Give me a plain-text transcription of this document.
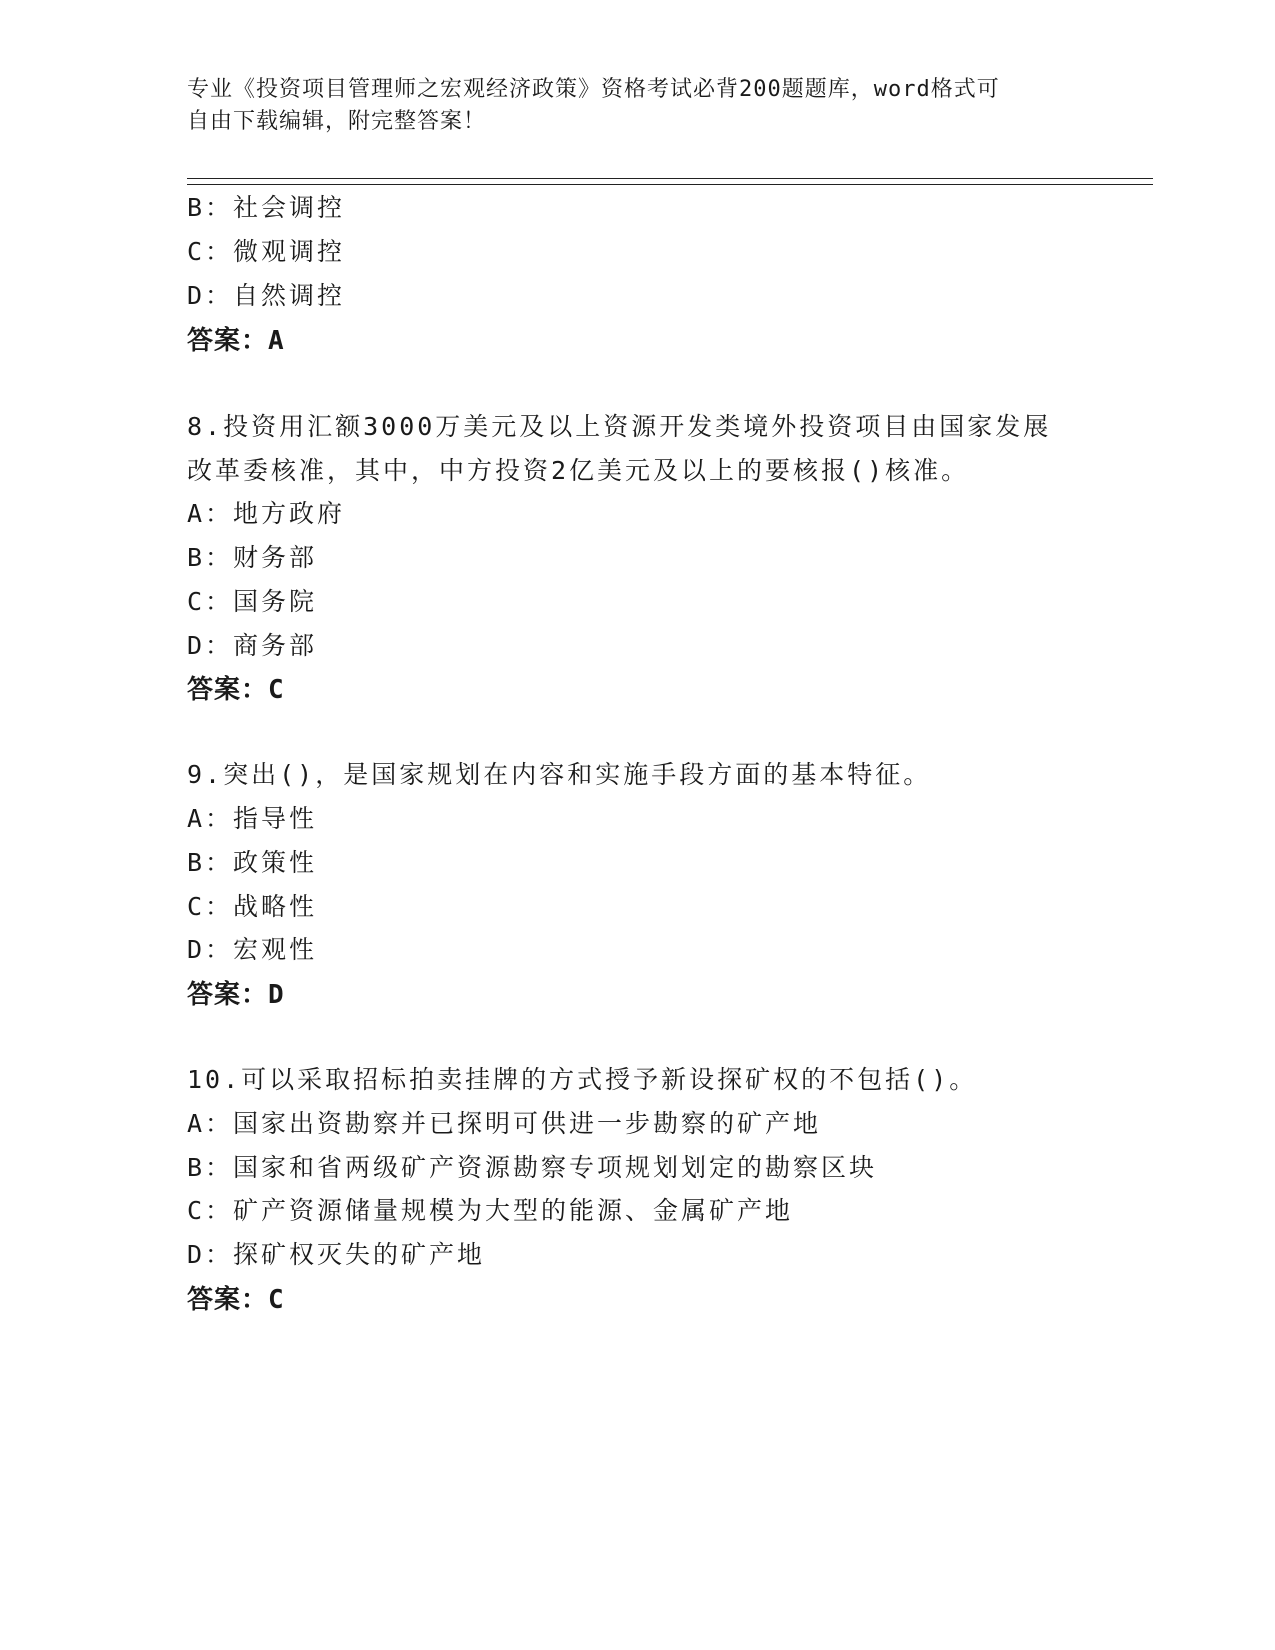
专业《投资项目管理师之宏观经济政策》资格考试必背200题题库，word格式可
自由下载编辑，附完整答案！
B：社会调控
C：微观调控
D：自然调控
答案：A
8.投资用汇额3000万美元及以上资源开发类境外投资项目由国家发展
改革委核准，其中，中方投资2亿美元及以上的要核报()核准。
A：地方政府
B：财务部
C：国务院
D：商务部
答案：C
9.突出()，是国家规划在内容和实施手段方面的基本特征。
A：指导性
B：政策性
C：战略性
D：宏观性
答案：D
10.可以采取招标拍卖挂牌的方式授予新设探矿权的不包括()。
A：国家出资勘察并已探明可供进一步勘察的矿产地
B：国家和省两级矿产资源勘察专项规划划定的勘察区块
C：矿产资源储量规模为大型的能源、金属矿产地
D：探矿权灭失的矿产地
答案：C
